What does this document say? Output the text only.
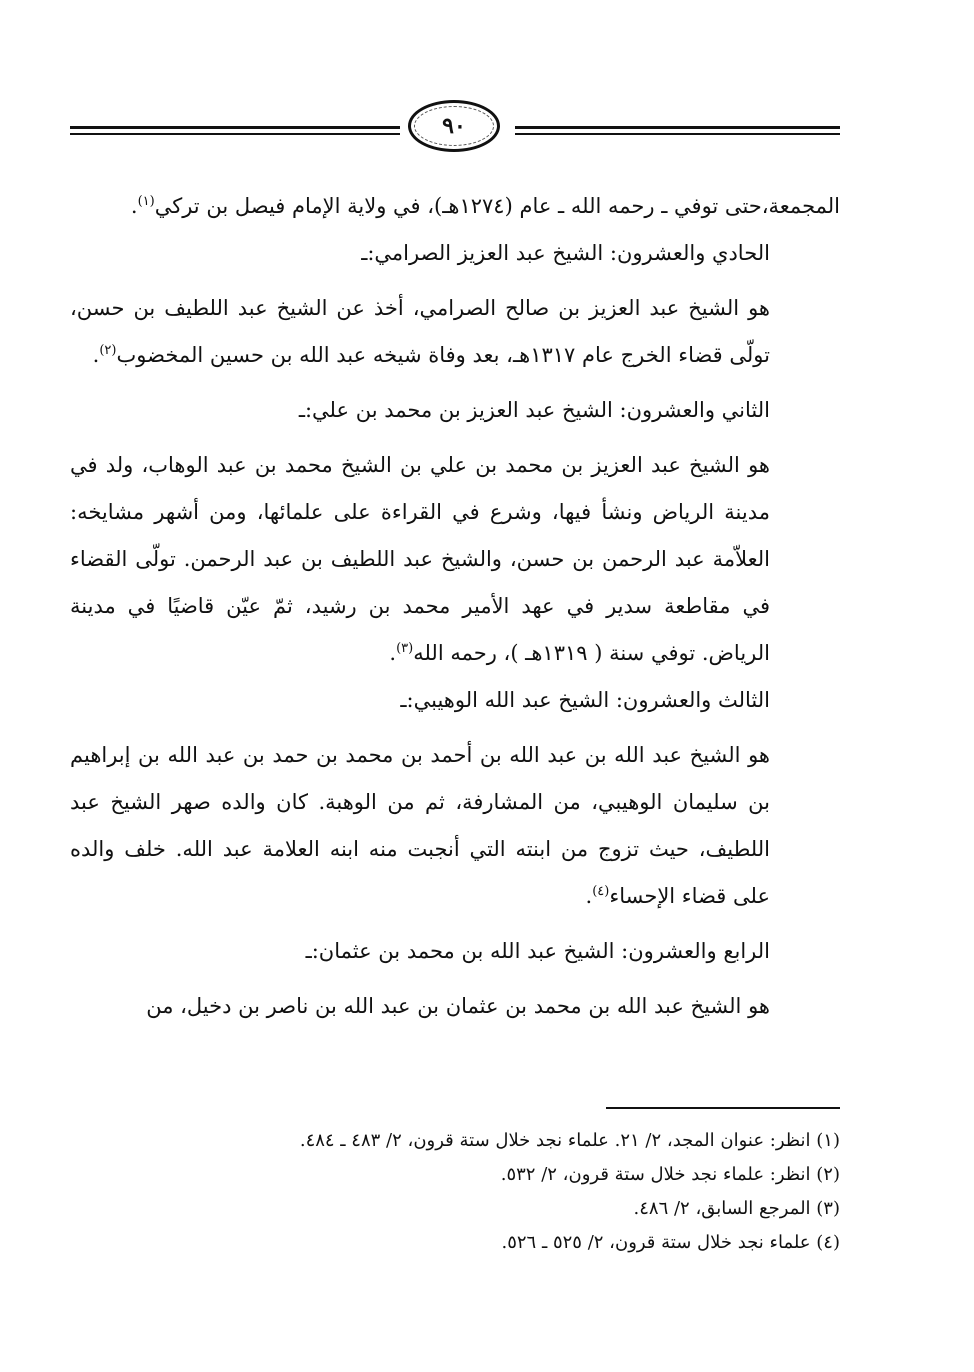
٩٠

المجمعة،حتى توفي ـ رحمه الله ـ عام (١٢٧٤هـ)، في ولاية الإمام فيصل بن تركي$^{(١)}$.

الحادي والعشرون: الشيخ عبد العزيز الصرامي:ـ

هو الشيخ عبد العزيز بن صالح الصرامي، أخذ عن الشيخ عبد اللطيف بن حسن، تولّى قضاء الخرج عام ١٣١٧هـ، بعد وفاة شيخه عبد الله بن حسين المخضوب$^{(٢)}$.

الثاني والعشرون: الشيخ عبد العزيز بن محمد بن علي:ـ

هو الشيخ عبد العزيز بن محمد بن علي بن الشيخ محمد بن عبد الوهاب، ولد في مدينة الرياض ونشأ فيها، وشرع في القراءة على علمائها، ومن أشهر مشايخه: العلاّمة عبد الرحمن بن حسن، والشيخ عبد اللطيف بن عبد الرحمن. تولّى القضاء في مقاطعة سدير في عهد الأمير محمد بن رشيد، ثمّ عيّن قاضيًا في مدينة الرياض. توفي سنة ( ١٣١٩هـ )، رحمه الله$^{(٣)}$.

الثالث والعشرون: الشيخ عبد الله الوهيبي:ـ

هو الشيخ عبد الله بن عبد الله بن أحمد بن محمد بن حمد بن عبد الله بن إبراهيم بن سليمان الوهيبي، من المشارفة، ثم من الوهبة. كان والده صهر الشيخ عبد اللطيف، حيث تزوج من ابنته التي أنجبت منه ابنه العلامة عبد الله. خلف والده على قضاء الإحساء$^{(٤)}$.

الرابع والعشرون: الشيخ عبد الله بن محمد بن عثمان:ـ

هو الشيخ عبد الله بن محمد بن عثمان بن عبد الله بن ناصر بن دخيل، من

(١) انظر: عنوان المجد، ٢/ ٢١. علماء نجد خلال ستة قرون، ٢/ ٤٨٣ ـ ٤٨٤.
(٢) انظر: علماء نجد خلال ستة قرون، ٢/ ٥٣٢.
(٣) المرجع السابق، ٢/ ٤٨٦.
(٤) علماء نجد خلال ستة قرون، ٢/ ٥٢٥ ـ ٥٢٦.
